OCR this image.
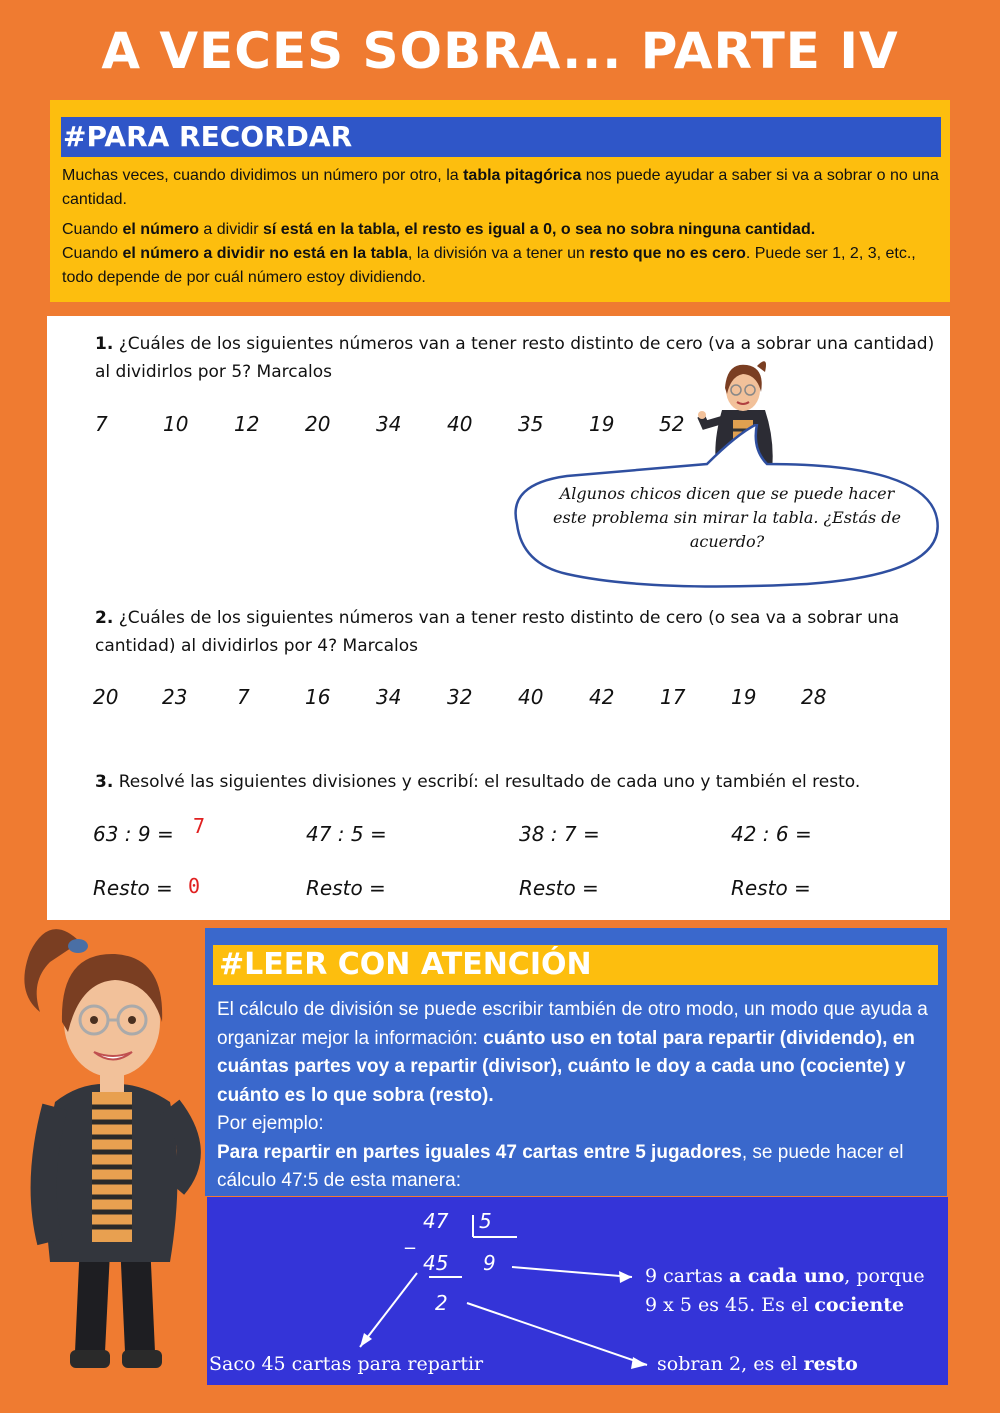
A VECES SOBRA... PARTE IV
#PARA RECORDAR
Muchas veces, cuando dividimos un número por otro, la tabla pitagórica nos puede ayudar a saber si va a sobrar o no una cantidad.
Cuando el número a dividir sí está en la tabla, el resto es igual a 0, o sea no sobra ninguna cantidad.
Cuando el número a dividir no está en la tabla, la división va a tener un resto que no es cero. Puede ser 1, 2, 3, etc., todo depende de por cuál número estoy dividiendo.
1. ¿Cuáles de los siguientes números van a tener resto distinto de cero (va a sobrar una cantidad) al dividirlos por 5? Marcalos
7	10 12 20 34 40 35 19 52
Algunos chicos dicen que se puede hacer este problema sin mirar la tabla. ¿Estás de acuerdo?
2. ¿Cuáles de los siguientes números van a tener resto distinto de cero (o sea va a sobrar una cantidad) al dividirlos por 4? Marcalos
20 23 7	16 34 32 40 42 17 19 28
3. Resolvé las siguientes divisiones y escribí: el resultado de cada uno y también el resto.
63 : 9 = 7	47 : 5 =	38 : 7 =	42 : 6 =
Resto = 0	Resto =	Resto =	Resto =
#LEER CON ATENCIÓN
El cálculo de división se puede escribir también de otro modo, un modo que ayuda a organizar mejor la información: cuánto uso en total para repartir (dividendo), en cuántas partes voy a repartir (divisor), cuánto le doy a cada uno (cociente) y cuánto es lo que sobra (resto).
Por ejemplo:
Para repartir en partes iguales 47 cartas entre 5 jugadores, se puede hacer el cálculo 47:5 de esta manera:
47 5
_
45 9
2
9 cartas a cada uno, porque
9 x 5 es 45. Es el cociente
Saco 45 cartas para repartir	sobran 2, es el resto
